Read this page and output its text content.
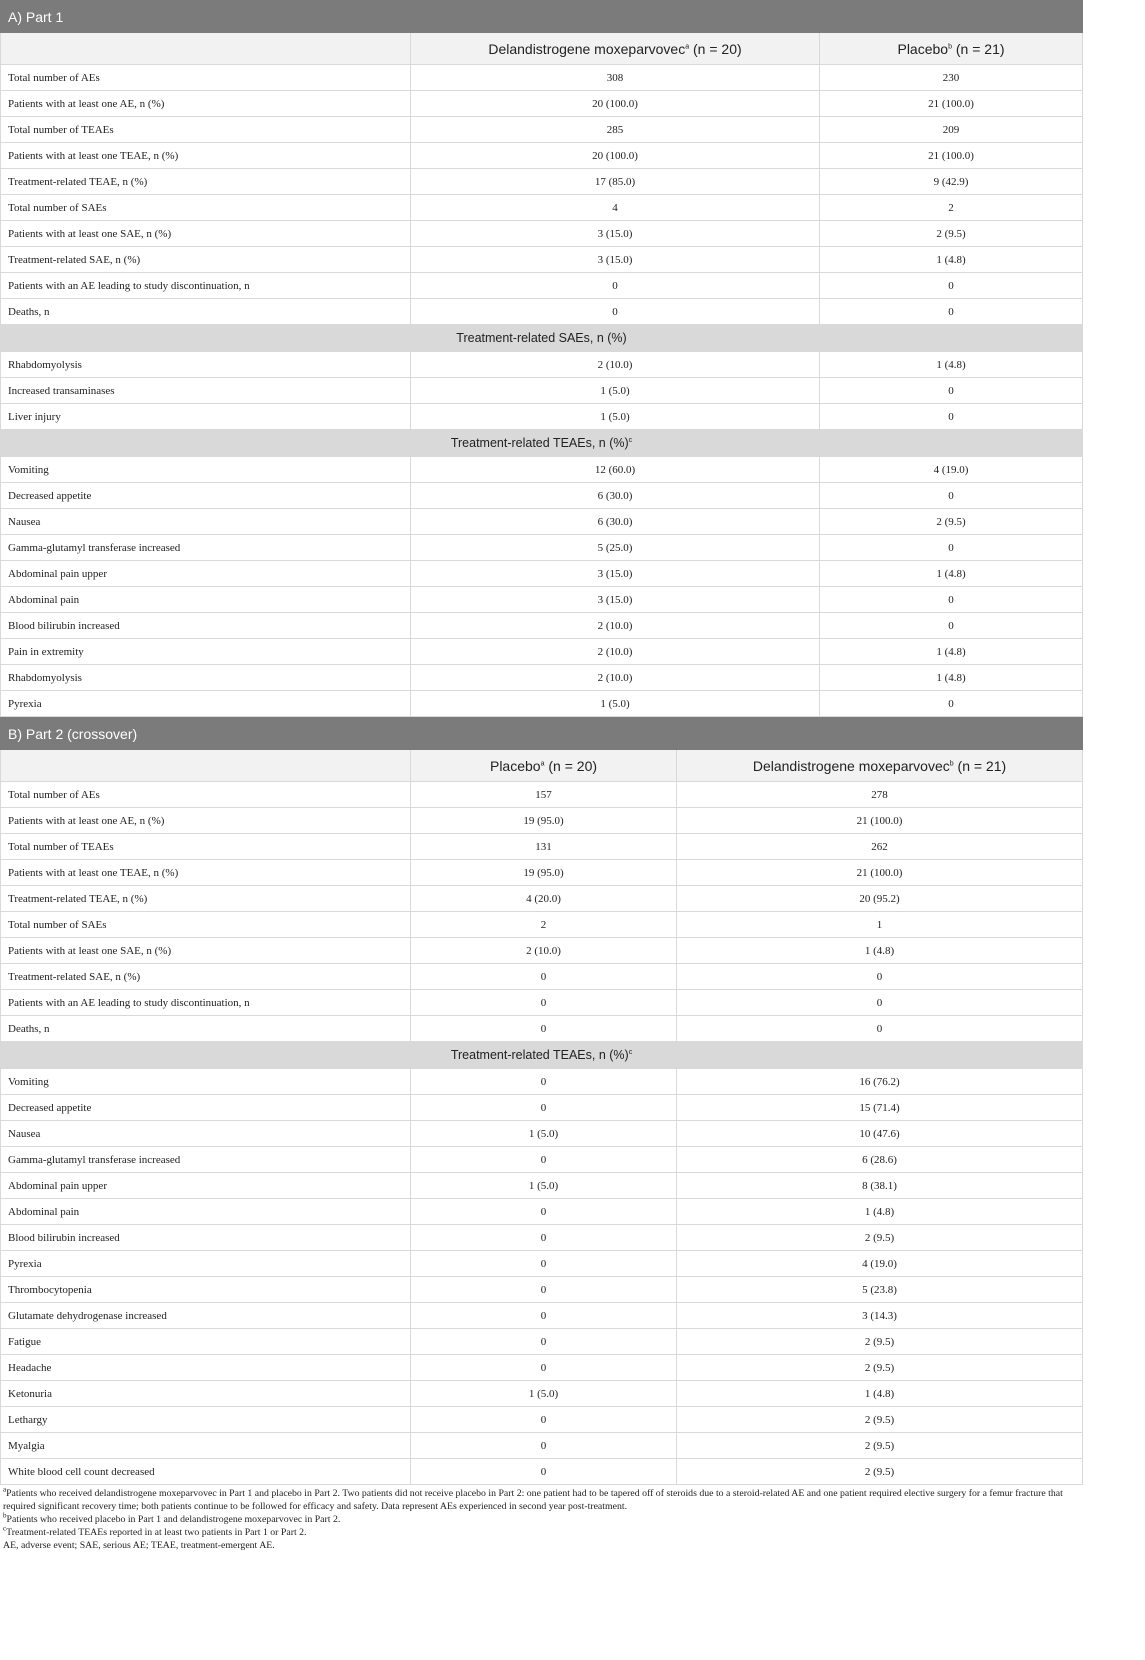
A) Part 1		
	Delandistrogene moxeparvovec$^a$ (n = 20)	Placebo$^b$ (n = 21)
Total number of AEs	308	230
Patients with at least one AE, n (%)	20 (100.0)	21 (100.0)
Total number of TEAEs	285	209
Patients with at least one TEAE, n (%)	20 (100.0)	21 (100.0)
Treatment-related TEAE, n (%)	17 (85.0)	9 (42.9)
Total number of SAEs	4	2
Patients with at least one SAE, n (%)	3 (15.0)	2 (9.5)
Treatment-related SAE, n (%)	3 (15.0)	1 (4.8)
Patients with an AE leading to study discontinuation, n	0	0
Deaths, n	0	0
Treatment-related SAEs, n (%)		
Rhabdomyolysis	2 (10.0)	1 (4.8)
Increased transaminases	1 (5.0)	0
Liver injury	1 (5.0)	0
Treatment-related TEAEs, n (%)$^c$
Vomiting	12 (60.0)	4 (19.0)
Decreased appetite	6 (30.0)	0
Nausea	6 (30.0)	2 (9.5)
Gamma-glutamyl transferase increased	5 (25.0)	0
Abdominal pain upper	3 (15.0)	1 (4.8)
Abdominal pain	3 (15.0)	0
Blood bilirubin increased	2 (10.0)	0
Pain in extremity	2 (10.0)	1 (4.8)
Rhabdomyolysis	2 (10.0)	1 (4.8)
Pyrexia	1 (5.0)	0
B) Part 2 (crossover)		
	Placebo$^a$ (n = 20)	Delandistrogene moxeparvovec$^b$ (n = 21)
Total number of AEs	157	278
Patients with at least one AE, n (%)	19 (95.0)	21 (100.0)
Total number of TEAEs	131	262
Patients with at least one TEAE, n (%)	19 (95.0)	21 (100.0)
Treatment-related TEAE, n (%)	4 (20.0)	20 (95.2)
Total number of SAEs	2	1
Patients with at least one SAE, n (%)	2 (10.0)	1 (4.8)
Treatment-related SAE, n (%)	0	0
Patients with an AE leading to study discontinuation, n	0	0
Deaths, n	0	0
Treatment-related TEAEs, n (%)$^c$
Vomiting	0	16 (76.2)
Decreased appetite	0	15 (71.4)
Nausea	1 (5.0)	10 (47.6)
Gamma-glutamyl transferase increased	0	6 (28.6)
Abdominal pain upper	1 (5.0)	8 (38.1)
Abdominal pain	0	1 (4.8)
Blood bilirubin increased	0	2 (9.5)
Pyrexia	0	4 (19.0)
Thrombocytopenia	0	5 (23.8)
Glutamate dehydrogenase increased	0	3 (14.3)
Fatigue	0	2 (9.5)
Headache	0	2 (9.5)
Ketonuria	1 (5.0)	1 (4.8)
Lethargy	0	2 (9.5)
Myalgia	0	2 (9.5)
White blood cell count decreased	0	2 (9.5)
$^a$Patients who received delandistrogene moxeparvovec in Part 1 and placebo in Part 2. Two patients did not receive placebo in Part 2: one patient had to be tapered off of steroids due to a steroid-related AE and one patient required elective surgery for a femur fracture that required significant recovery time; both patients continue to be followed for efficacy and safety. Data represent AEs experienced in second year post-treatment.
$^b$Patients who received placebo in Part 1 and delandistrogene moxeparvovec in Part 2.
$^c$Treatment-related TEAEs reported in at least two patients in Part 1 or Part 2.
AE, adverse event; SAE, serious AE; TEAE, treatment-emergent AE.
